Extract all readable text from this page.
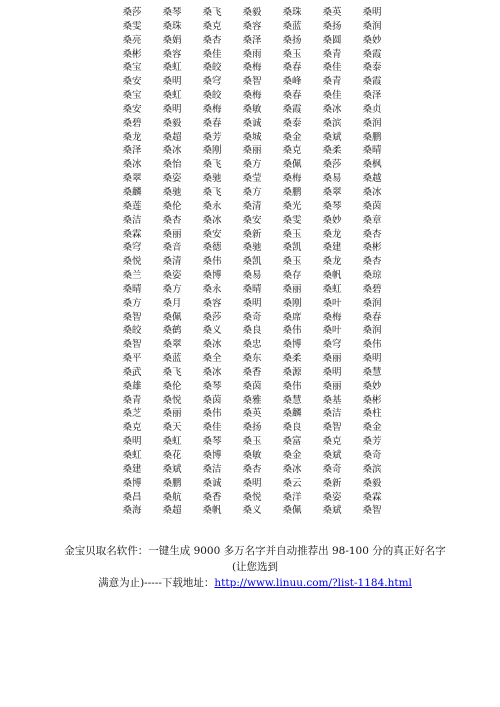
桑莎	桑琴	桑飞	桑毅	桑珠	桑英	桑明
桑雯	桑珠	桑克	桑容	桑蓝	桑扬	桑润
桑亮	桑娟	桑杏	桑泽	桑扬	桑圆	桑妙
桑彬	桑容	桑佳	桑雨	桑玉	桑青	桑霞
桑宝	桑虹	桑皎	桑梅	桑春	桑佳	桑泰
桑安	桑明	桑穹	桑智	桑峰	桑青	桑霞
桑宝	桑虹	桑皎	桑梅	桑春	桑佳	桑泽
桑安	桑明	桑梅	桑敏	桑霞	桑冰	桑贞
桑碧	桑毅	桑春	桑诚	桑泰	桑滨	桑润
桑龙	桑超	桑芳	桑城	桑金	桑斌	桑鹏
桑泽	桑冰	桑刚	桑丽	桑克	桑柔	桑晴
桑冰	桑怡	桑飞	桑方	桑佩	桑莎	桑枫
桑翠	桑姿	桑驰	桑莹	桑梅	桑易	桑越
桑麟	桑驰	桑飞	桑方	桑鹏	桑翠	桑冰
桑莲	桑伦	桑永	桑清	桑光	桑琴	桑茵
桑洁	桑杏	桑冰	桑安	桑雯	桑妙	桑章
桑霖	桑丽	桑安	桑新	桑玉	桑龙	桑杏
桑穹	桑音	桑德	桑驰	桑凯	桑建	桑彬
桑悦	桑清	桑伟	桑凯	桑玉	桑龙	桑杏
桑兰	桑姿	桑博	桑易	桑存	桑帆	桑琼
桑晴	桑方	桑永	桑晴	桑丽	桑虹	桑碧
桑方	桑月	桑容	桑明	桑刚	桑叶	桑润
桑智	桑佩	桑莎	桑奇	桑席	桑梅	桑春
桑皎	桑鹤	桑义	桑良	桑伟	桑叶	桑润
桑智	桑翠	桑冰	桑忠	桑博	桑穹	桑伟
桑平	桑蓝	桑全	桑东	桑柔	桑丽	桑明
桑武	桑飞	桑冰	桑香	桑源	桑明	桑慧
桑雄	桑伦	桑琴	桑茵	桑伟	桑丽	桑妙
桑青	桑悦	桑茵	桑雅	桑慧	桑基	桑彬
桑芝	桑丽	桑伟	桑英	桑麟	桑洁	桑柱
桑克	桑天	桑佳	桑扬	桑良	桑智	桑金
桑明	桑虹	桑琴	桑玉	桑富	桑克	桑芳
桑虹	桑花	桑博	桑敏	桑金	桑斌	桑奇
桑建	桑斌	桑洁	桑杏	桑冰	桑奇	桑滨
桑博	桑鹏	桑诚	桑明	桑云	桑新	桑毅
桑昌	桑航	桑香	桑悦	桑洋	桑姿	桑霖
桑海	桑超	桑帆	桑义	桑佩	桑斌	桑智
金宝贝取名软件：一键生成 9000 多万名字并自动推荐出 98-100 分的真正好名字(让您选到
满意为止)-----下载地址：http://www.linuu.com/?list-1184.html
